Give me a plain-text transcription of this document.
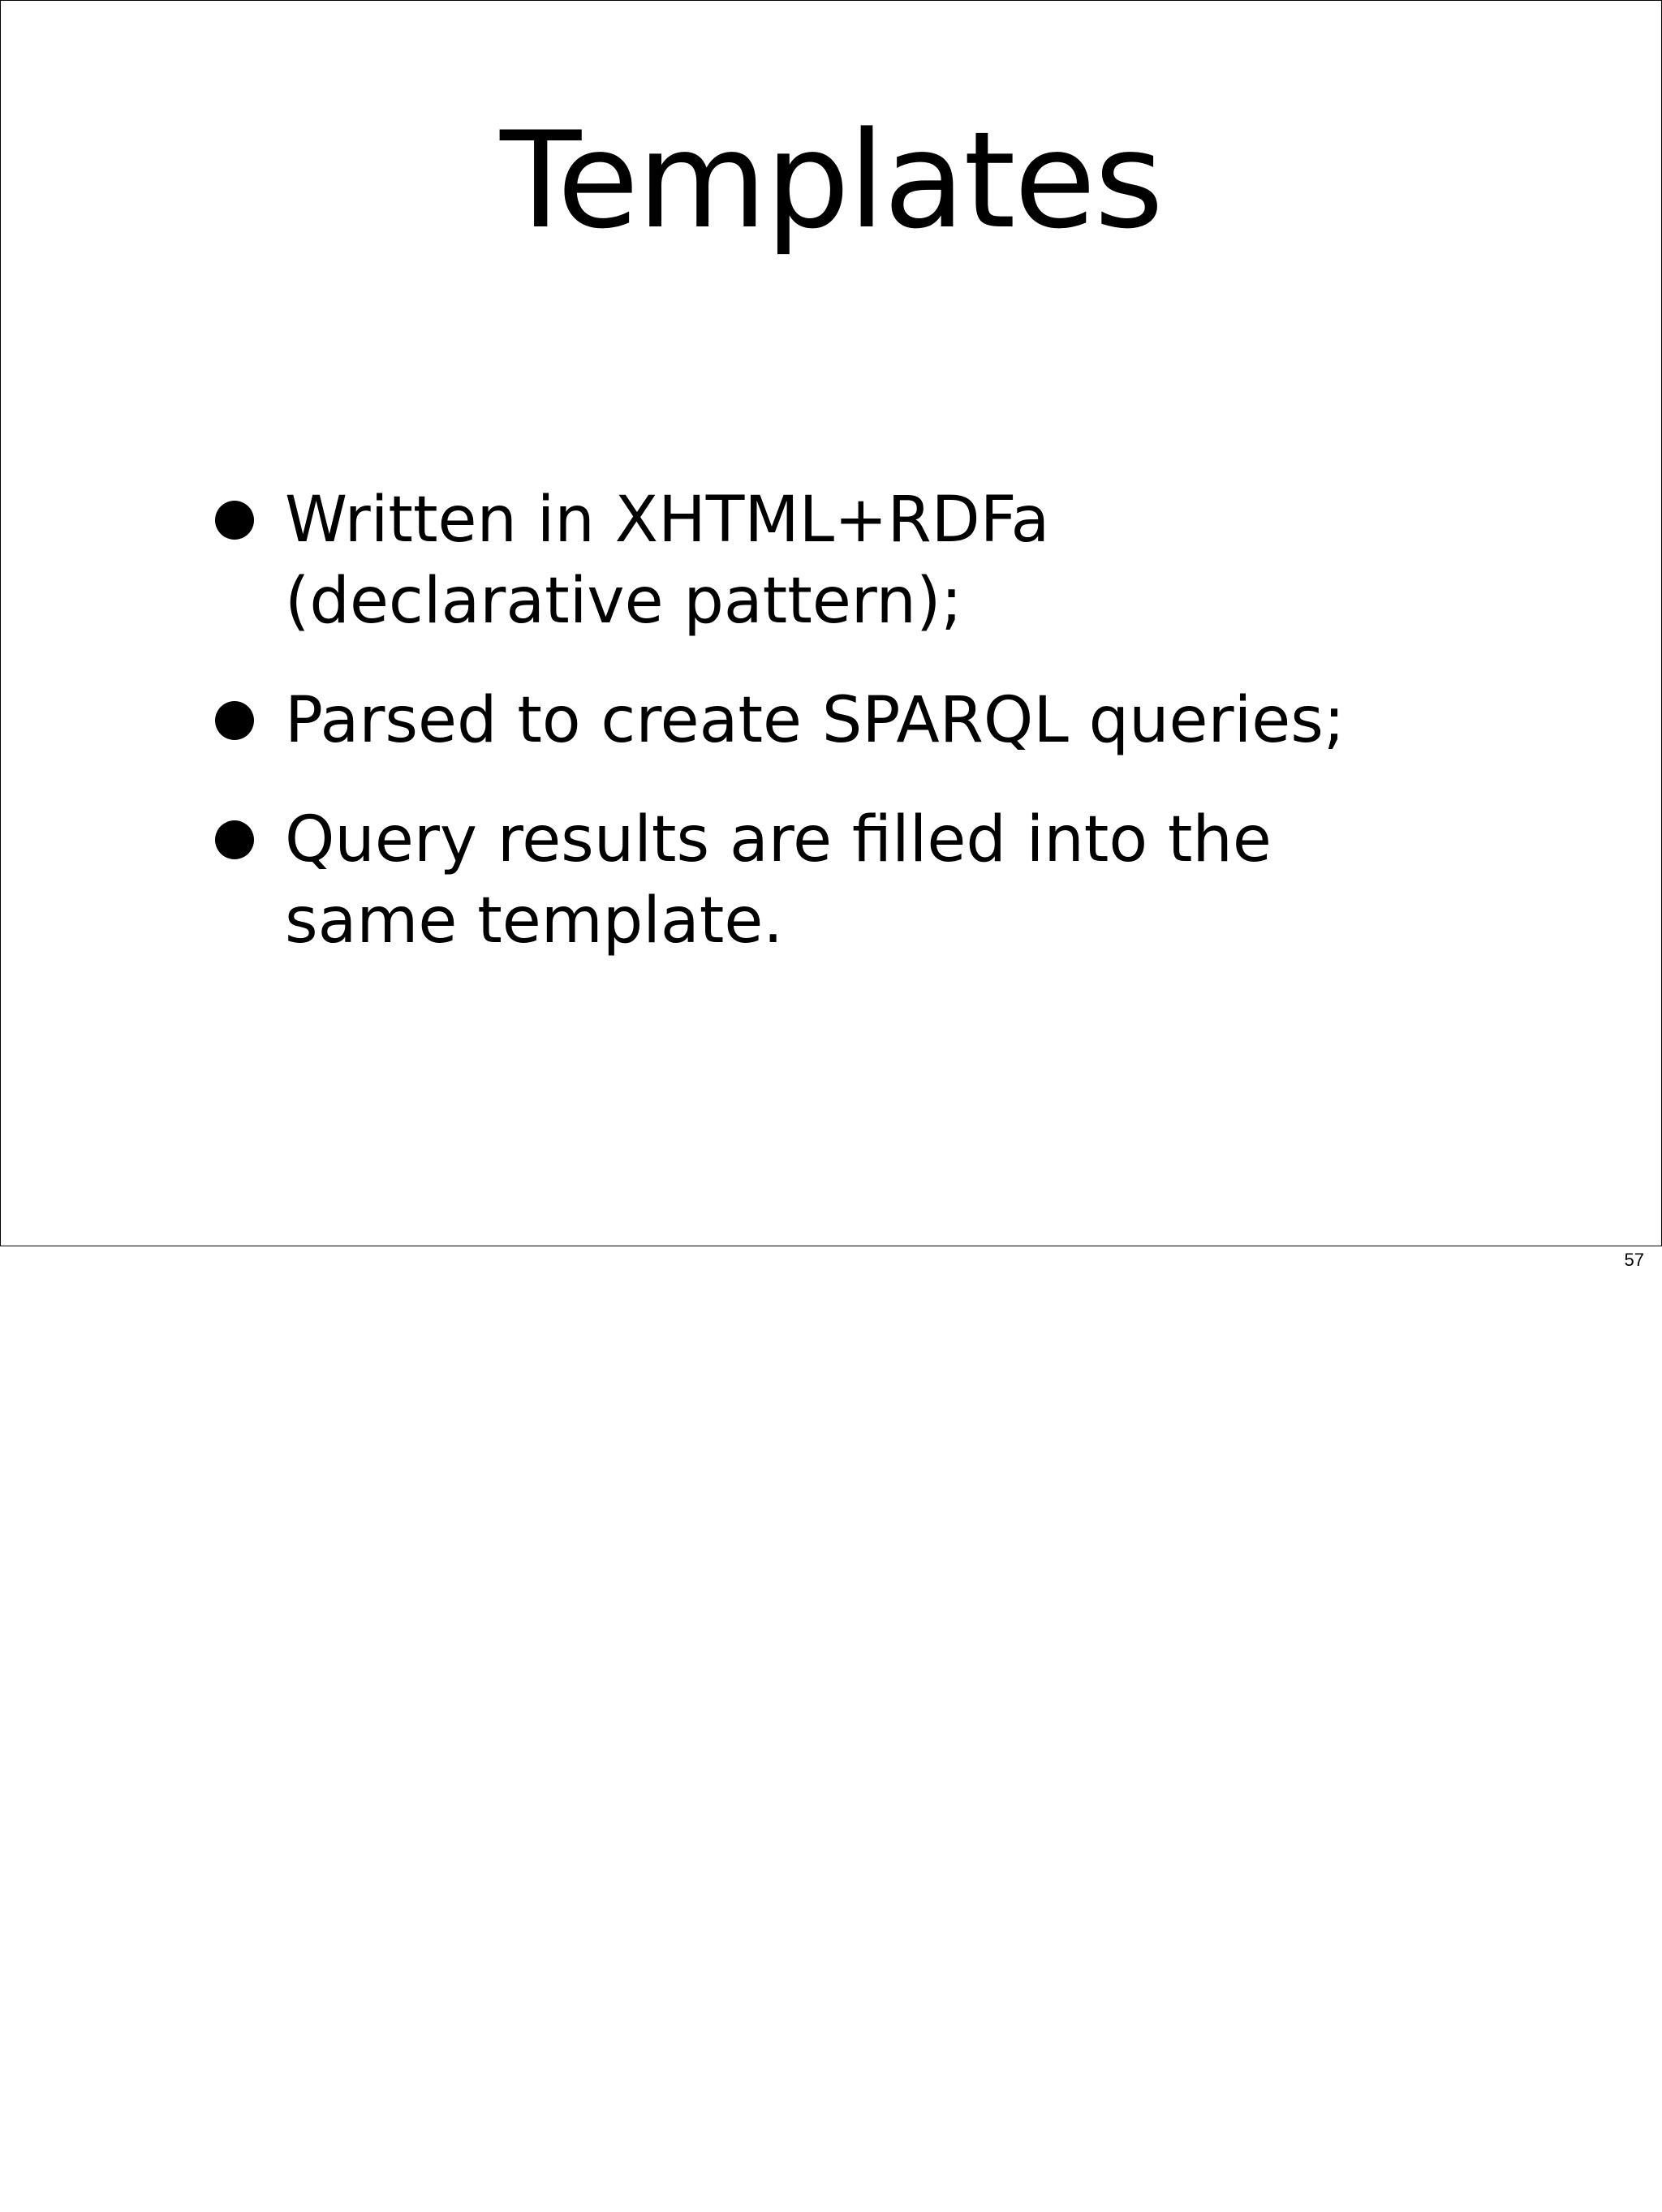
Templates
Written in XHTML+RDFa (declarative pattern);
Parsed to create SPARQL queries;
Query results are filled into the same template.
57
